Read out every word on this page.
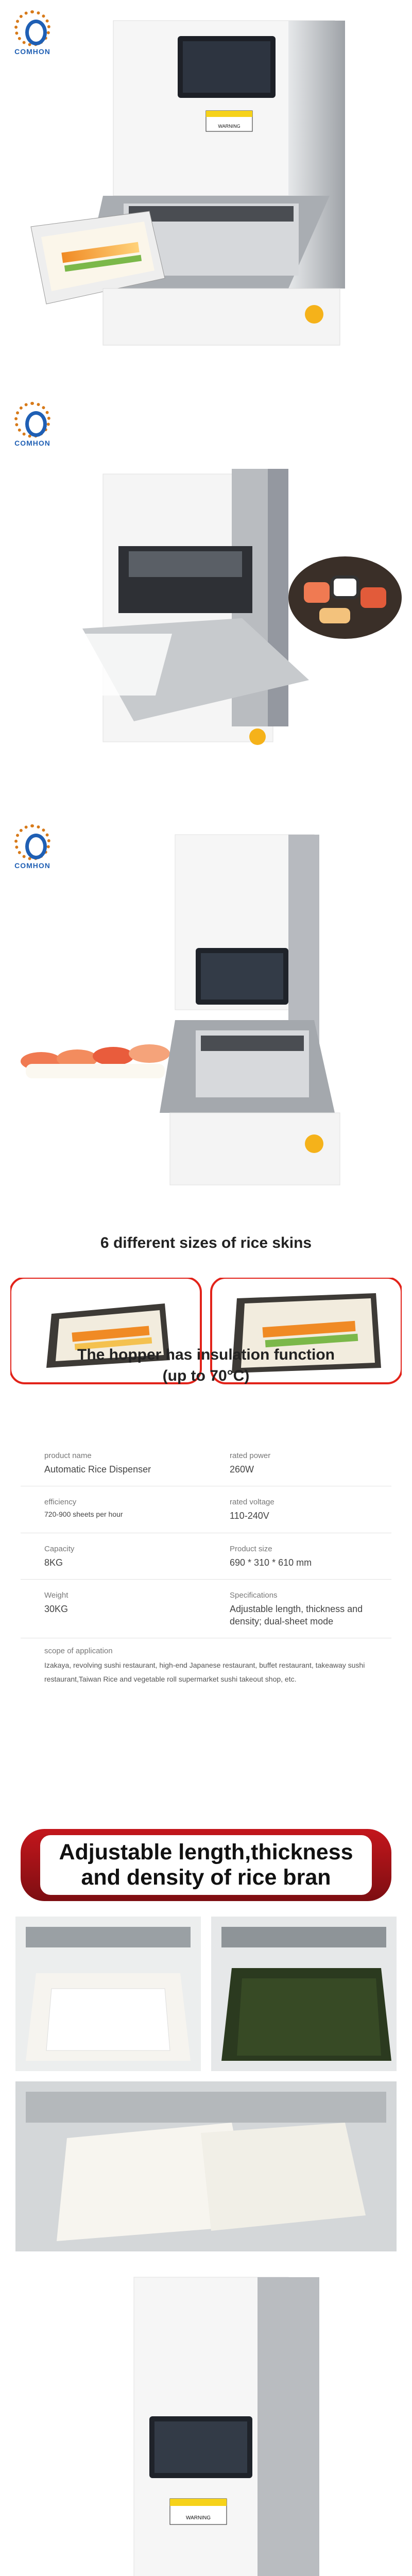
COMHON
WARNING
COMHON
COMHON
6 different sizes of rice skins
The hopper has insulation function
(up to 70°C)
product name
Automatic Rice Dispenser
rated power
260W
efficiency
720-900 sheets per hour
rated voltage
110-240V
Capacity
8KG
Product size
690 * 310 * 610 mm
Weight
30KG
Specifications
Adjustable length, thickness and density; dual-sheet mode
scope of application
Izakaya, revolving sushi restaurant, high-end Japanese restaurant, buffet restaurant, takeaway sushi restaurant,Taiwan Rice and vegetable roll supermarket sushi takeout shop, etc.
Adjustable length,thickness
and density of rice bran
WARNING
